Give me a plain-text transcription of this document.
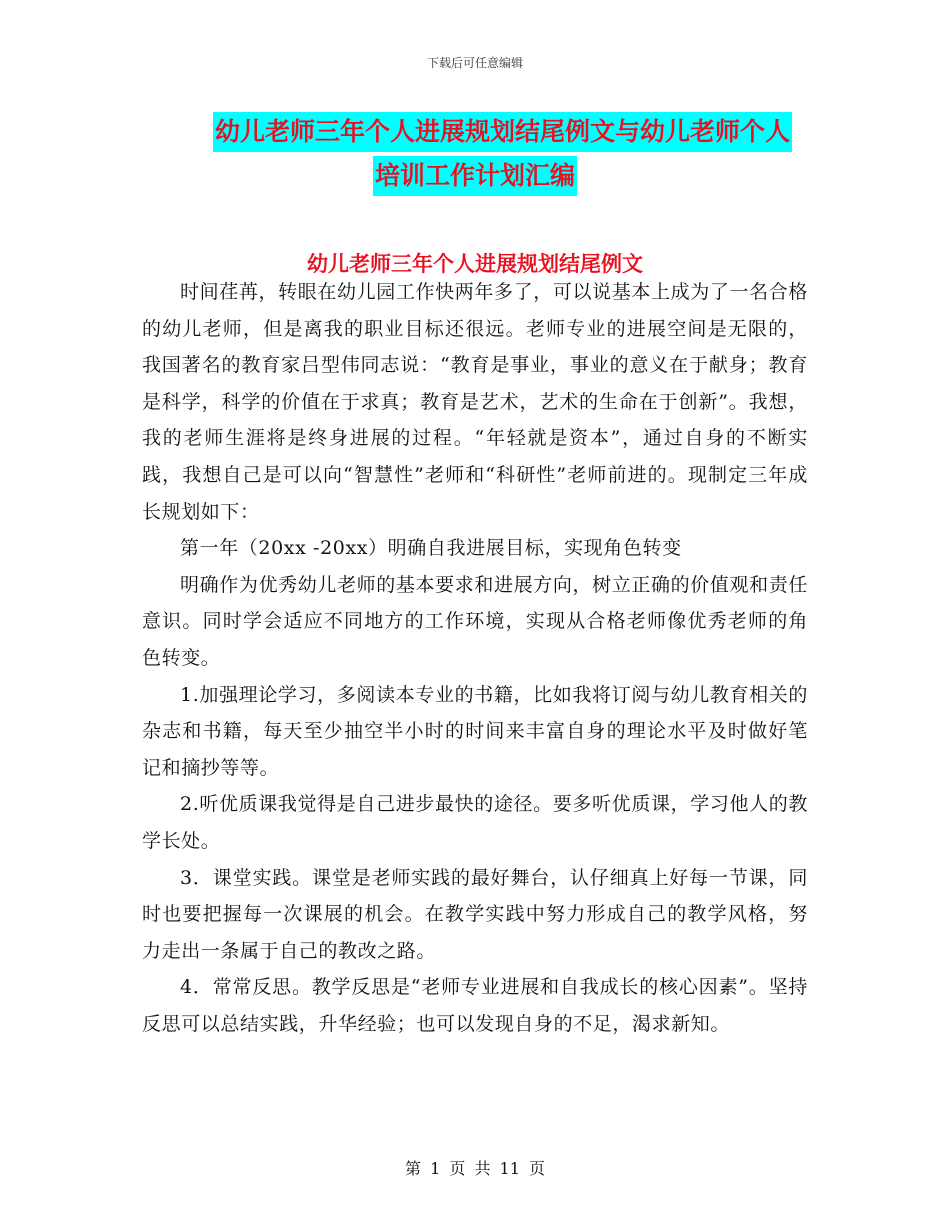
下载后可任意编辑
幼儿老师三年个人进展规划结尾例文与幼儿老师个人
培训工作计划汇编
幼儿老师三年个人进展规划结尾例文

时间荏苒，转眼在幼儿园工作快两年多了，可以说基本上成为了一名合格的幼儿老师，但是离我的职业目标还很远。老师专业的进展空间是无限的，我国著名的教育家吕型伟同志说：“教育是事业，事业的意义在于献身；教育是科学，科学的价值在于求真；教育是艺术，艺术的生命在于创新”。我想，我的老师生涯将是终身进展的过程。“年轻就是资本”，通过自身的不断实践，我想自己是可以向“智慧性”老师和“科研性”老师前进的。现制定三年成长规划如下：

第一年（20xx -20xx）明确自我进展目标，实现角色转变

明确作为优秀幼儿老师的基本要求和进展方向，树立正确的价值观和责任意识。同时学会适应不同地方的工作环境，实现从合格老师像优秀老师的角色转变。

1.加强理论学习，多阅读本专业的书籍，比如我将订阅与幼儿教育相关的杂志和书籍，每天至少抽空半小时的时间来丰富自身的理论水平及时做好笔记和摘抄等等。

2.听优质课我觉得是自己进步最快的途径。要多听优质课，学习他人的教学长处。

3．课堂实践。课堂是老师实践的最好舞台，认仔细真上好每一节课，同时也要把握每一次课展的机会。在教学实践中努力形成自己的教学风格，努力走出一条属于自己的教改之路。

4．常常反思。教学反思是“老师专业进展和自我成长的核心因素”。坚持反思可以总结实践，升华经验；也可以发现自身的不足，渴求新知。

第 1 页 共 11 页
